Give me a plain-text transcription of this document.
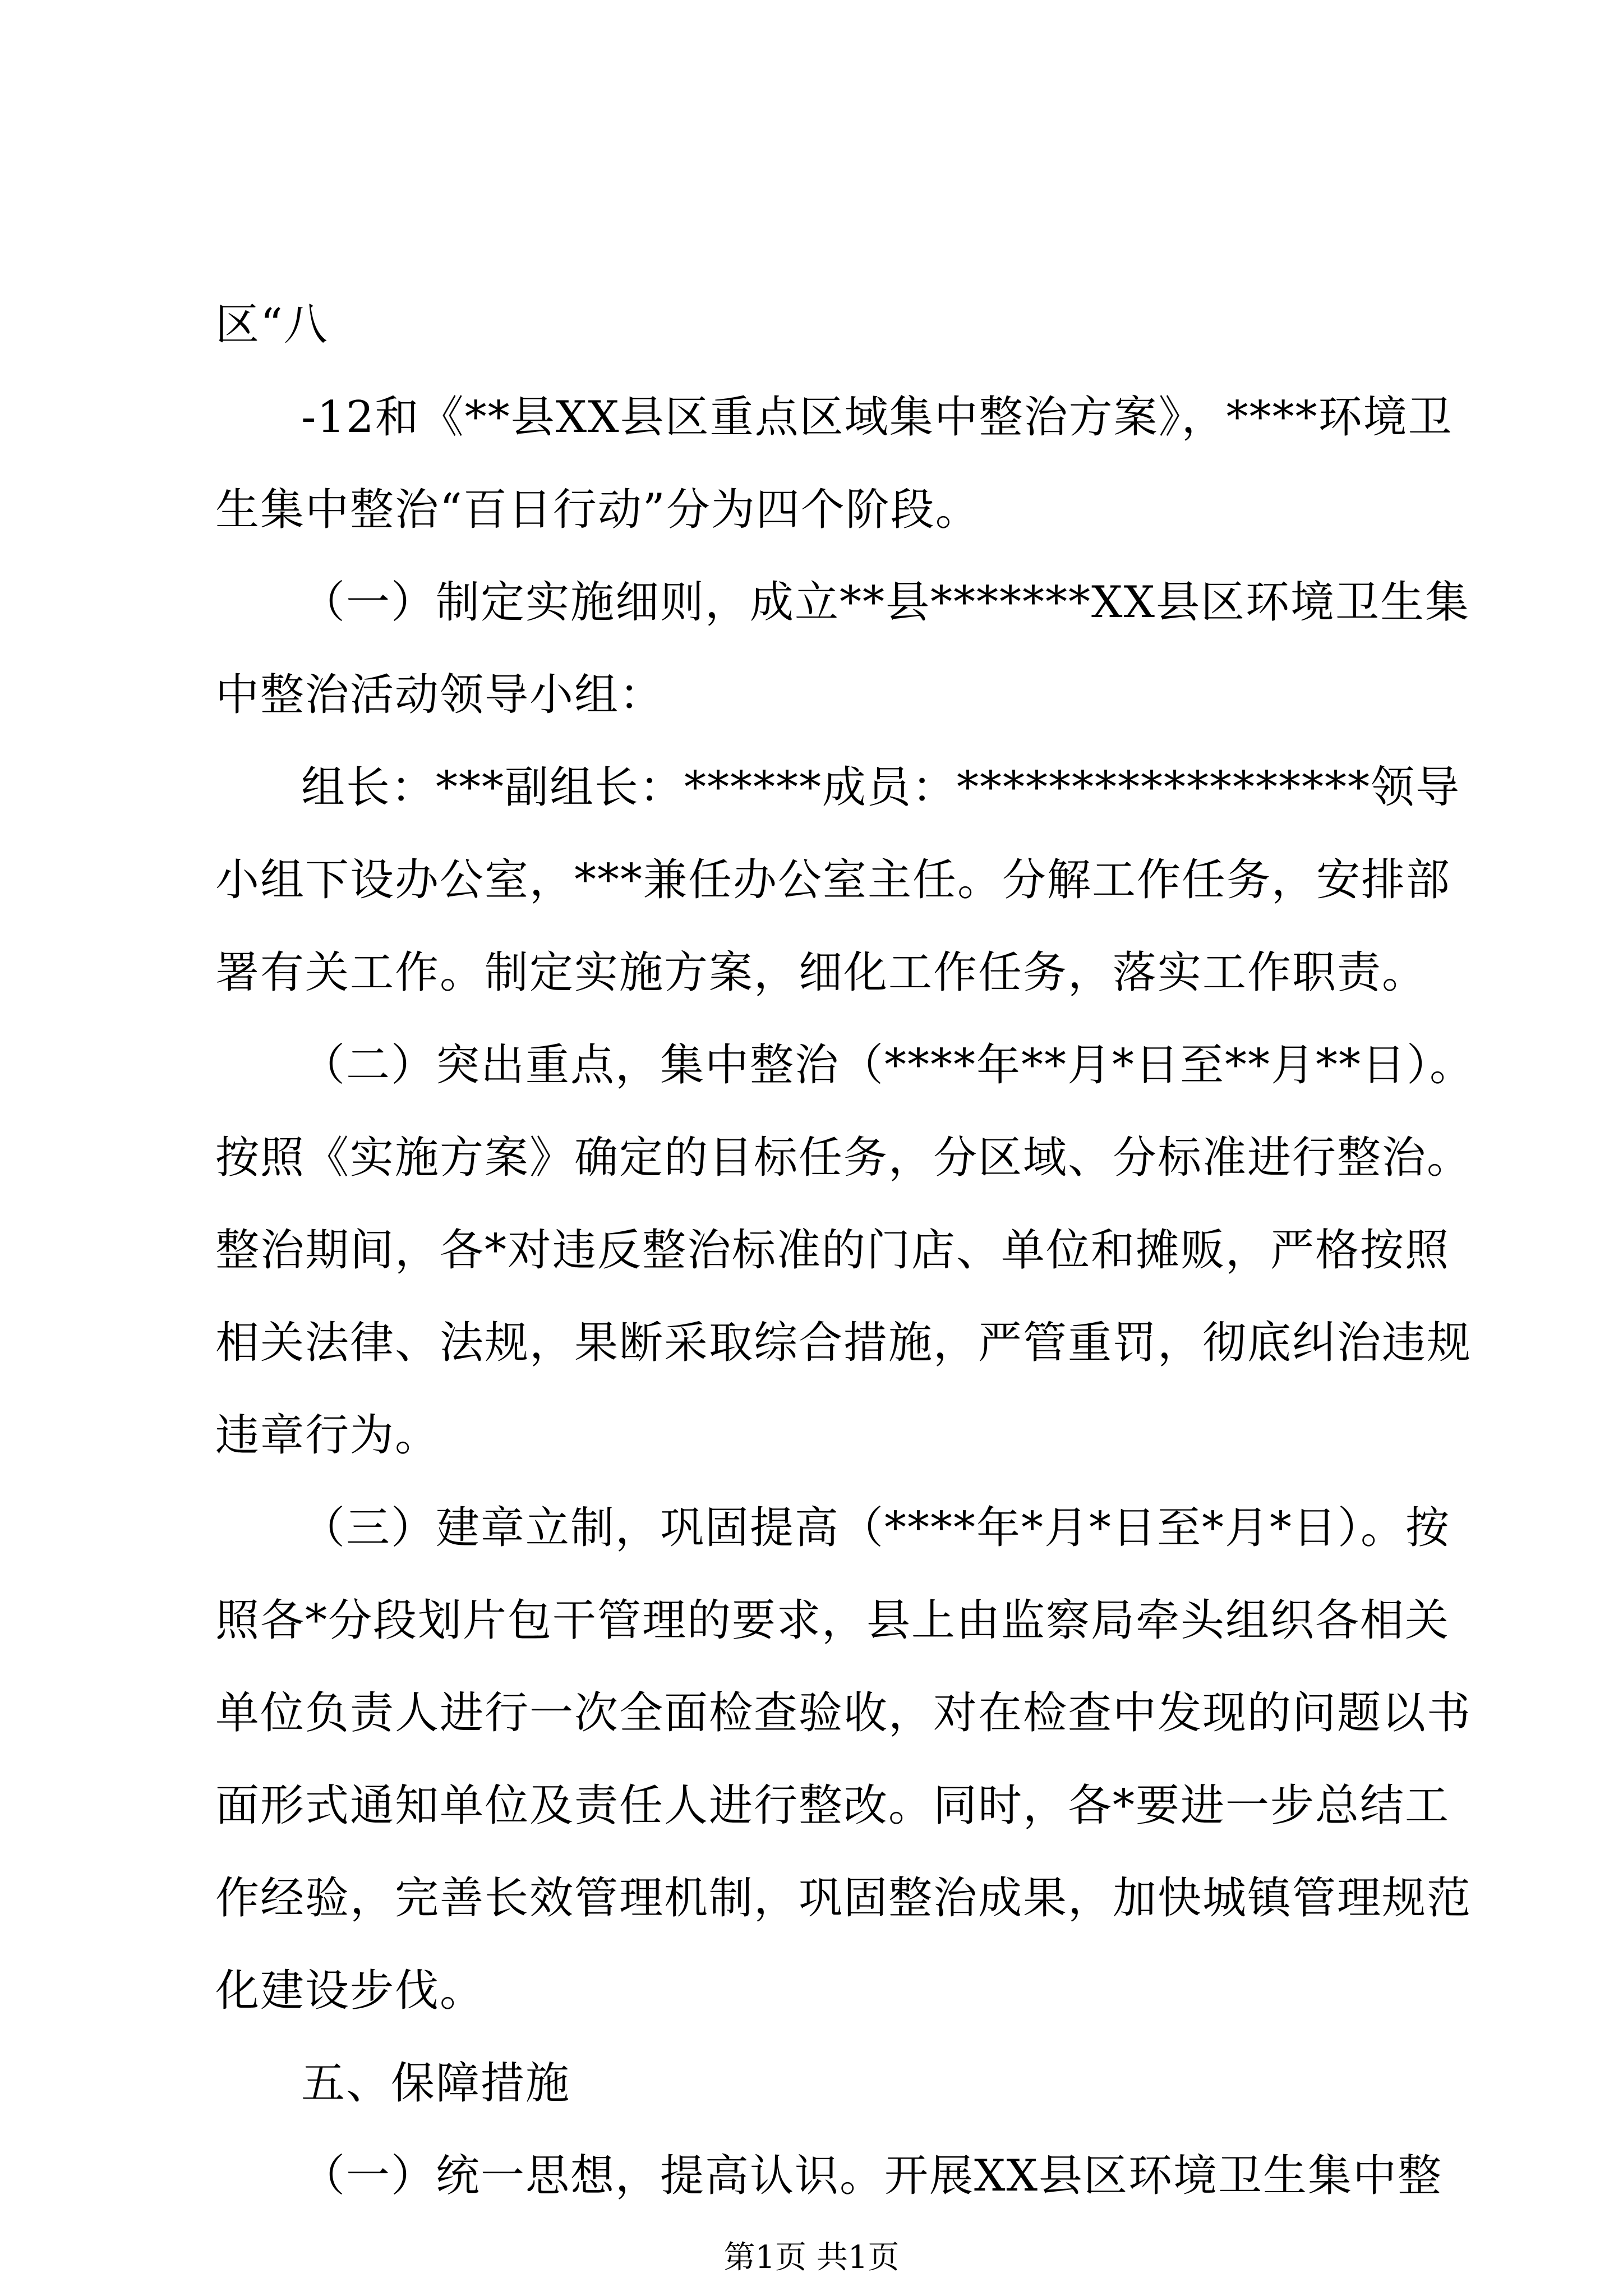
区“八
-12和《**县XX县区重点区域集中整治方案》，****环境卫
生集中整治“百日行动”分为四个阶段。
（一）制定实施细则，成立**县*******XX县区环境卫生集
中整治活动领导小组：
组长：***副组长：******成员：******************领导
小组下设办公室，***兼任办公室主任。分解工作任务，安排部
署有关工作。制定实施方案，细化工作任务，落实工作职责。
（二）突出重点，集中整治（****年**月*日至**月**日）。
按照《实施方案》确定的目标任务，分区域、分标准进行整治。
整治期间，各*对违反整治标准的门店、单位和摊贩，严格按照
相关法律、法规，果断采取综合措施，严管重罚，彻底纠治违规
违章行为。
（三）建章立制，巩固提高（****年*月*日至*月*日）。按
照各*分段划片包干管理的要求，县上由监察局牵头组织各相关
单位负责人进行一次全面检查验收，对在检查中发现的问题以书
面形式通知单位及责任人进行整改。同时，各*要进一步总结工
作经验，完善长效管理机制，巩固整治成果，加快城镇管理规范
化建设步伐。
五、保障措施
（一）统一思想，提高认识。开展XX县区环境卫生集中整
第1页 共1页
